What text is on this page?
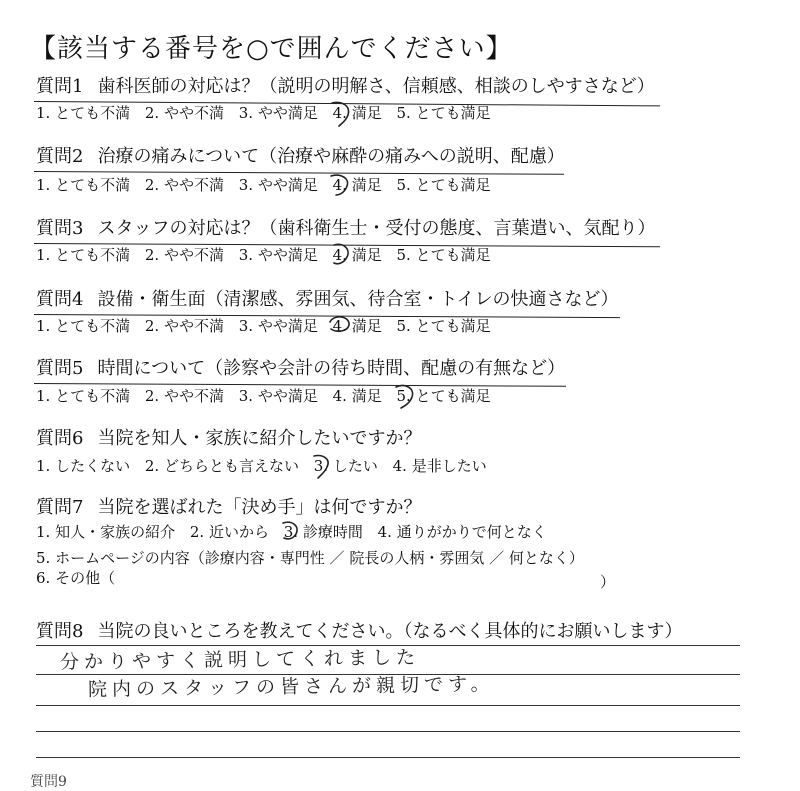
【該当する番号を○で囲んでください】
質問1 歯科医師の対応は？（説明の明解さ、信頼感、相談のしやすさなど）
1. とても不満 2. やや不満 3. やや満足 4. 満足 5. とても満足
質問2 治療の痛みについて（治療や麻酔の痛みへの説明、配慮）
1. とても不満 2. やや不満 3. やや満足 4. 満足 5. とても満足
質問3 スタッフの対応は？（歯科衛生士・受付の態度、言葉遣い、気配り）
1. とても不満 2. やや不満 3. やや満足 4. 満足 5. とても満足
質問4 設備・衛生面（清潔感、雰囲気、待合室・トイレの快適さなど）
1. とても不満 2. やや不満 3. やや満足 4. 満足 5. とても満足
質問5 時間について（診察や会計の待ち時間、配慮の有無など）
1. とても不満 2. やや不満 3. やや満足 4. 満足 5. とても満足
質問6 当院を知人・家族に紹介したいですか？
1. したくない 2. どちらとも言えない 3. したい 4. 是非したい
質問7 当院を選ばれた「決め手」は何ですか？
1. 知人・家族の紹介 2. 近いから 3. 診療時間 4. 通りがかりで何となく
5. ホームページの内容（診療内容・専門性 ／ 院長の人柄・雰囲気 ／ 何となく）
6. その他（	）
質問8 当院の良いところを教えてください。（なるべく具体的にお願いします）
分かりやすく説明してくれました
院内のスタッフの皆さんが親切です。
質問9
